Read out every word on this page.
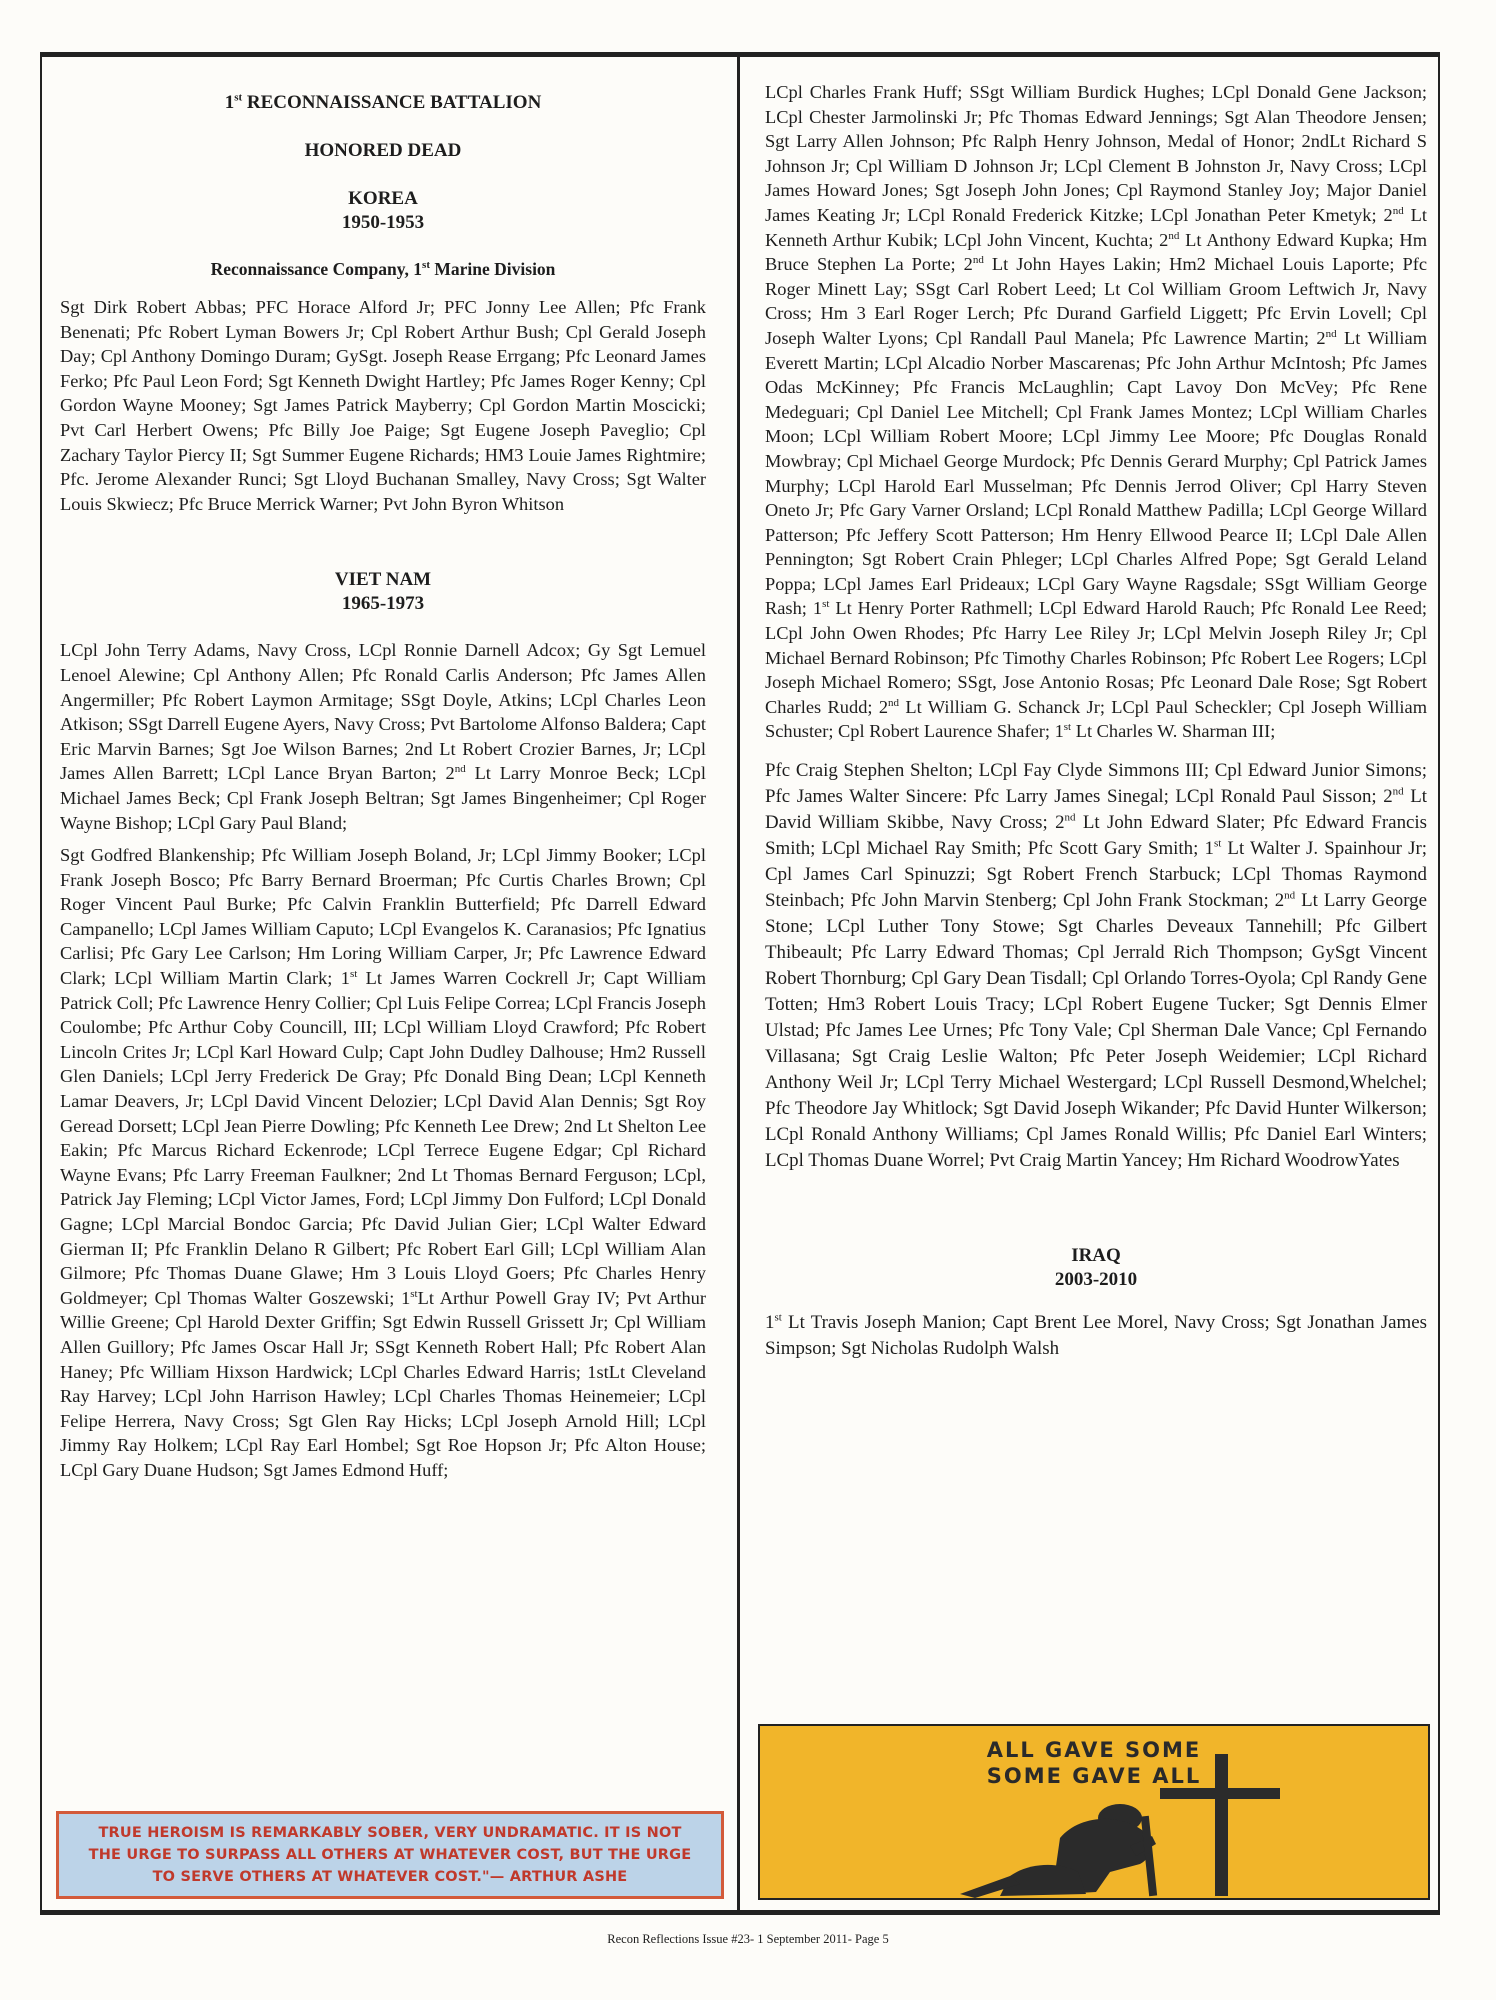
1st RECONNAISSANCE BATTALION

HONORED DEAD

KOREA

1950-1953

Reconnaissance Company, 1st Marine Division

Sgt Dirk Robert Abbas; PFC Horace Alford Jr; PFC Jonny Lee Allen; Pfc Frank Benenati; Pfc Robert Lyman Bowers Jr; Cpl Robert Arthur Bush; Cpl Gerald Joseph Day; Cpl Anthony Domingo Duram; GySgt. Joseph Rease Errgang; Pfc Leonard James Ferko; Pfc Paul Leon Ford; Sgt Kenneth Dwight Hartley; Pfc James Roger Kenny; Cpl Gordon Wayne Mooney; Sgt James Patrick Mayberry; Cpl Gordon Martin Moscicki; Pvt Carl Herbert Owens; Pfc Billy Joe Paige; Sgt Eugene Joseph Paveglio; Cpl Zachary Taylor Piercy II; Sgt Summer Eugene Richards; HM3 Louie James Rightmire; Pfc. Jerome Alexander Runci; Sgt Lloyd Buchanan Smalley, Navy Cross; Sgt Walter Louis Skwiecz; Pfc Bruce Merrick Warner; Pvt John Byron Whitson

VIET NAM

1965-1973

LCpl John Terry Adams, Navy Cross, LCpl Ronnie Darnell Adcox; Gy Sgt Lemuel Lenoel Alewine; Cpl Anthony Allen; Pfc Ronald Carlis Anderson; Pfc James Allen Angermiller; Pfc Robert Laymon Armitage; SSgt Doyle, Atkins; LCpl Charles Leon Atkison; SSgt Darrell Eugene Ayers, Navy Cross; Pvt Bartolome Alfonso Baldera; Capt Eric Marvin Barnes; Sgt Joe Wilson Barnes; 2nd Lt Robert Crozier Barnes, Jr; LCpl James Allen Barrett; LCpl Lance Bryan Barton; 2nd Lt Larry Monroe Beck; LCpl Michael James Beck; Cpl Frank Joseph Beltran; Sgt James Bingenheimer; Cpl Roger Wayne Bishop; LCpl Gary Paul Bland;

Sgt Godfred Blankenship; Pfc William Joseph Boland, Jr; LCpl Jimmy Booker; LCpl Frank Joseph Bosco; Pfc Barry Bernard Broerman; Pfc Curtis Charles Brown; Cpl Roger Vincent Paul Burke; Pfc Calvin Franklin Butterfield; Pfc Darrell Edward Campanello; LCpl James William Caputo; LCpl Evangelos K. Caranasios; Pfc Ignatius Carlisi; Pfc Gary Lee Carlson; Hm Loring William Carper, Jr; Pfc Lawrence Edward Clark; LCpl William Martin Clark; 1st Lt James Warren Cockrell Jr; Capt William Patrick Coll; Pfc Lawrence Henry Collier; Cpl Luis Felipe Correa; LCpl Francis Joseph Coulombe; Pfc Arthur Coby Councill, III; LCpl William Lloyd Crawford; Pfc Robert Lincoln Crites Jr; LCpl Karl Howard Culp; Capt John Dudley Dalhouse; Hm2 Russell Glen Daniels; LCpl Jerry Frederick De Gray; Pfc Donald Bing Dean; LCpl Kenneth Lamar Deavers, Jr; LCpl David Vincent Delozier; LCpl David Alan Dennis; Sgt Roy Geread Dorsett; LCpl Jean Pierre Dowling; Pfc Kenneth Lee Drew; 2nd Lt Shelton Lee Eakin; Pfc Marcus Richard Eckenrode; LCpl Terrece Eugene Edgar; Cpl Richard Wayne Evans; Pfc Larry Freeman Faulkner; 2nd Lt Thomas Bernard Ferguson; LCpl, Patrick Jay Fleming; LCpl Victor James, Ford; LCpl Jimmy Don Fulford; LCpl Donald Gagne; LCpl Marcial Bondoc Garcia; Pfc David Julian Gier; LCpl Walter Edward Gierman II; Pfc Franklin Delano R Gilbert; Pfc Robert Earl Gill; LCpl William Alan Gilmore; Pfc Thomas Duane Glawe; Hm 3 Louis Lloyd Goers; Pfc Charles Henry Goldmeyer; Cpl Thomas Walter Goszewski; 1stLt Arthur Powell Gray IV; Pvt Arthur Willie Greene; Cpl Harold Dexter Griffin; Sgt Edwin Russell Grissett Jr; Cpl William Allen Guillory; Pfc James Oscar Hall Jr; SSgt Kenneth Robert Hall; Pfc Robert Alan Haney; Pfc William Hixson Hardwick; LCpl Charles Edward Harris; 1stLt Cleveland Ray Harvey; LCpl John Harrison Hawley; LCpl Charles Thomas Heinemeier; LCpl Felipe Herrera, Navy Cross; Sgt Glen Ray Hicks; LCpl Joseph Arnold Hill; LCpl Jimmy Ray Holkem; LCpl Ray Earl Hombel; Sgt Roe Hopson Jr; Pfc Alton House; LCpl Gary Duane Hudson; Sgt James Edmond Huff;

TRUE HEROISM IS REMARKABLY SOBER, VERY UNDRAMATIC. IT IS NOT THE URGE TO SURPASS ALL OTHERS AT WHATEVER COST, BUT THE URGE TO SERVE OTHERS AT WHATEVER COST."— ARTHUR ASHE

LCpl Charles Frank Huff; SSgt William Burdick Hughes; LCpl Donald Gene Jackson; LCpl Chester Jarmolinski Jr; Pfc Thomas Edward Jennings; Sgt Alan Theodore Jensen; Sgt Larry Allen Johnson; Pfc Ralph Henry Johnson, Medal of Honor; 2ndLt Richard S Johnson Jr; Cpl William D Johnson Jr; LCpl Clement B Johnston Jr, Navy Cross; LCpl James Howard Jones; Sgt Joseph John Jones; Cpl Raymond Stanley Joy; Major Daniel James Keating Jr; LCpl Ronald Frederick Kitzke; LCpl Jonathan Peter Kmetyk; 2nd Lt Kenneth Arthur Kubik; LCpl John Vincent, Kuchta; 2nd Lt Anthony Edward Kupka; Hm Bruce Stephen La Porte; 2nd Lt John Hayes Lakin; Hm2 Michael Louis Laporte; Pfc Roger Minett Lay; SSgt Carl Robert Leed; Lt Col William Groom Leftwich Jr, Navy Cross; Hm 3 Earl Roger Lerch; Pfc Durand Garfield Liggett; Pfc Ervin Lovell; Cpl Joseph Walter Lyons; Cpl Randall Paul Manela; Pfc Lawrence Martin; 2nd Lt William Everett Martin; LCpl Alcadio Norber Mascarenas; Pfc John Arthur McIntosh; Pfc James Odas McKinney; Pfc Francis McLaughlin; Capt Lavoy Don McVey; Pfc Rene Medeguari; Cpl Daniel Lee Mitchell; Cpl Frank James Montez; LCpl William Charles Moon; LCpl William Robert Moore; LCpl Jimmy Lee Moore; Pfc Douglas Ronald Mowbray; Cpl Michael George Murdock; Pfc Dennis Gerard Murphy; Cpl Patrick James Murphy; LCpl Harold Earl Musselman; Pfc Dennis Jerrod Oliver; Cpl Harry Steven Oneto Jr; Pfc Gary Varner Orsland; LCpl Ronald Matthew Padilla; LCpl George Willard Patterson; Pfc Jeffery Scott Patterson; Hm Henry Ellwood Pearce II; LCpl Dale Allen Pennington; Sgt Robert Crain Phleger; LCpl Charles Alfred Pope; Sgt Gerald Leland Poppa; LCpl James Earl Prideaux; LCpl Gary Wayne Ragsdale; SSgt William George Rash; 1st Lt Henry Porter Rathmell; LCpl Edward Harold Rauch; Pfc Ronald Lee Reed; LCpl John Owen Rhodes; Pfc Harry Lee Riley Jr; LCpl Melvin Joseph Riley Jr; Cpl Michael Bernard Robinson; Pfc Timothy Charles Robinson; Pfc Robert Lee Rogers; LCpl Joseph Michael Romero; SSgt, Jose Antonio Rosas; Pfc Leonard Dale Rose; Sgt Robert Charles Rudd; 2nd Lt William G. Schanck Jr; LCpl Paul Scheckler; Cpl Joseph William Schuster; Cpl Robert Laurence Shafer; 1st Lt Charles W. Sharman III;

Pfc Craig Stephen Shelton; LCpl Fay Clyde Simmons III; Cpl Edward Junior Simons; Pfc James Walter Sincere: Pfc Larry James Sinegal; LCpl Ronald Paul Sisson; 2nd Lt David William Skibbe, Navy Cross; 2nd Lt John Edward Slater; Pfc Edward Francis Smith; LCpl Michael Ray Smith; Pfc Scott Gary Smith; 1st Lt Walter J. Spainhour Jr; Cpl James Carl Spinuzzi; Sgt Robert French Starbuck; LCpl Thomas Raymond Steinbach; Pfc John Marvin Stenberg; Cpl John Frank Stockman; 2nd Lt Larry George Stone; LCpl Luther Tony Stowe; Sgt Charles Deveaux Tannehill; Pfc Gilbert Thibeault; Pfc Larry Edward Thomas; Cpl Jerrald Rich Thompson; GySgt Vincent Robert Thornburg; Cpl Gary Dean Tisdall; Cpl Orlando Torres-Oyola; Cpl Randy Gene Totten; Hm3 Robert Louis Tracy; LCpl Robert Eugene Tucker; Sgt Dennis Elmer Ulstad; Pfc James Lee Urnes; Pfc Tony Vale; Cpl Sherman Dale Vance; Cpl Fernando Villasana; Sgt Craig Leslie Walton; Pfc Peter Joseph Weidemier; LCpl Richard Anthony Weil Jr; LCpl Terry Michael Westergard; LCpl Russell Desmond,Whelchel; Pfc Theodore Jay Whitlock; Sgt David Joseph Wikander; Pfc David Hunter Wilkerson; LCpl Ronald Anthony Williams; Cpl James Ronald Willis; Pfc Daniel Earl Winters; LCpl Thomas Duane Worrel; Pvt Craig Martin Yancey; Hm Richard WoodrowYates

IRAQ

2003-2010

1st Lt Travis Joseph Manion; Capt Brent Lee Morel, Navy Cross; Sgt Jonathan James Simpson; Sgt Nicholas Rudolph Walsh

ALL GAVE SOME
SOME GAVE ALL
Recon Reflections Issue #23- 1 September 2011- Page 5
